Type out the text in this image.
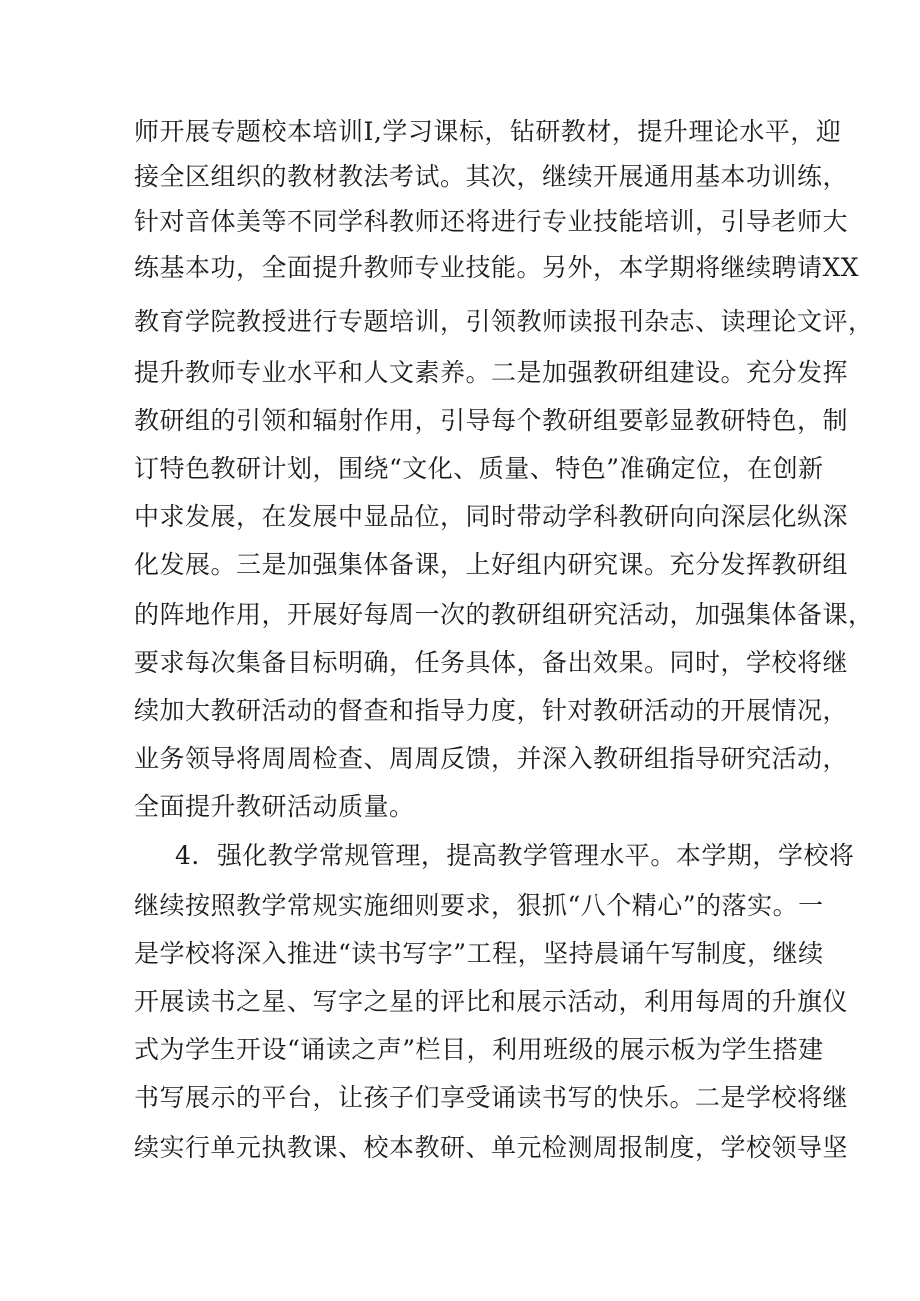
师开展专题校本培训Ⅰ,学习课标，钻研教材，提升理论水平，迎
接全区组织的教材教法考试。其次，继续开展通用基本功训练，
针对音体美等不同学科教师还将进行专业技能培训，引导老师大
练基本功，全面提升教师专业技能。另外，本学期将继续聘请XX
教育学院教授进行专题培训，引领教师读报刊杂志、读理论文评，
提升教师专业水平和人文素养。二是加强教研组建设。充分发挥
教研组的引领和辐射作用，引导每个教研组要彰显教研特色，制
订特色教研计划，围绕“文化、质量、特色”准确定位，在创新
中求发展，在发展中显品位，同时带动学科教研向向深层化纵深
化发展。三是加强集体备课，上好组内研究课。充分发挥教研组
的阵地作用，开展好每周一次的教研组研究活动，加强集体备课，
要求每次集备目标明确，任务具体，备出效果。同时，学校将继
续加大教研活动的督查和指导力度，针对教研活动的开展情况，
业务领导将周周检查、周周反馈，并深入教研组指导研究活动，
全面提升教研活动质量。
4．强化教学常规管理，提高教学管理水平。本学期，学校将
继续按照教学常规实施细则要求，狠抓“八个精心”的落实。一
是学校将深入推进“读书写字”工程，坚持晨诵午写制度，继续
开展读书之星、写字之星的评比和展示活动，利用每周的升旗仪
式为学生开设“诵读之声”栏目，利用班级的展示板为学生搭建
书写展示的平台，让孩子们享受诵读书写的快乐。二是学校将继
续实行单元执教课、校本教研、单元检测周报制度，学校领导坚
